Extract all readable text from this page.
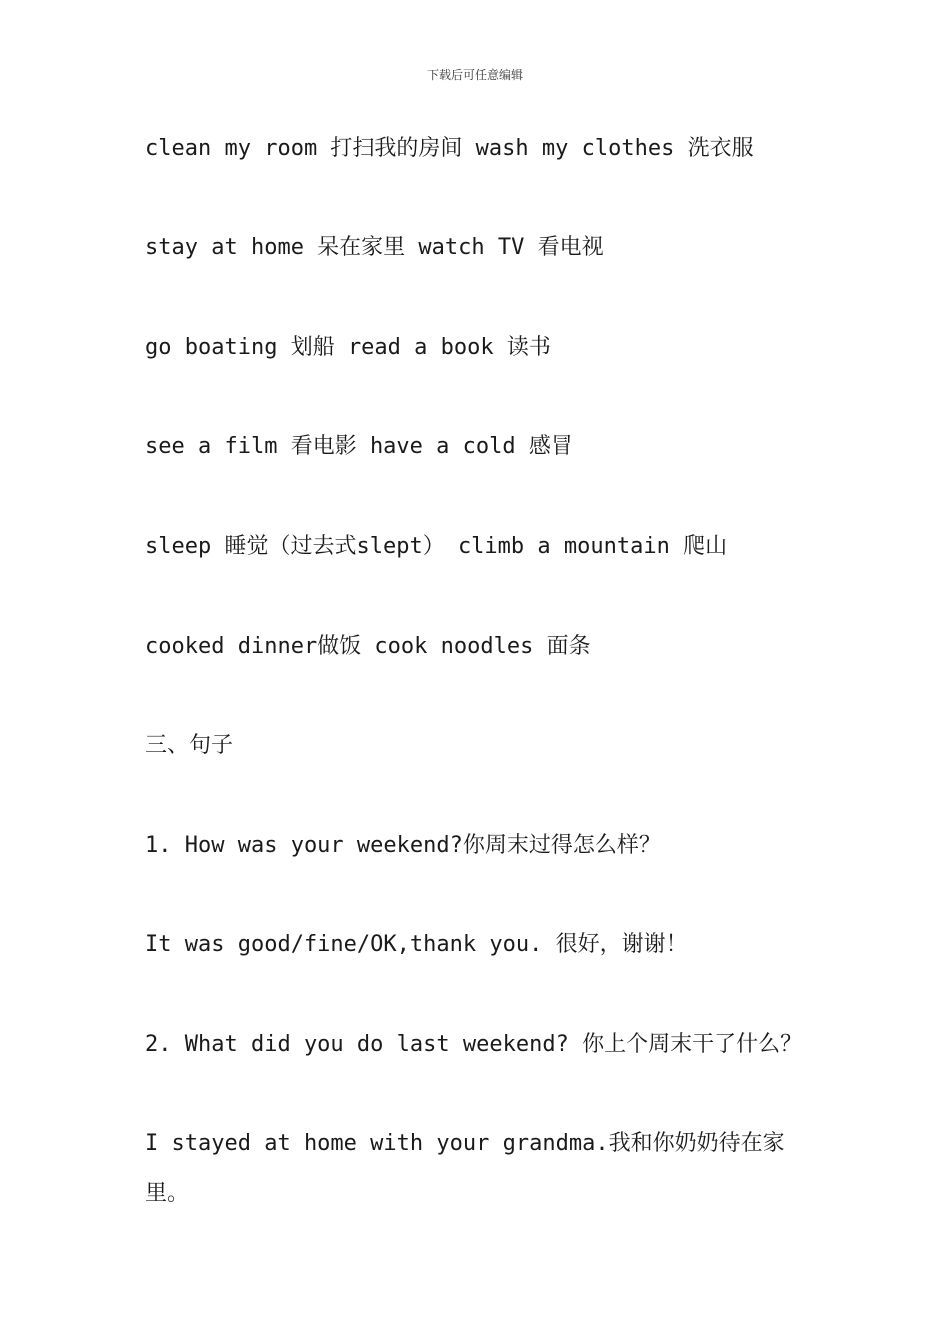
下载后可任意编辑
clean my room 打扫我的房间 wash my clothes 洗衣服
stay at home 呆在家里 watch TV 看电视
go boating 划船 read a book 读书
see a film 看电影 have a cold 感冒
sleep 睡觉（过去式slept） climb a mountain 爬山
cooked dinner做饭 cook noodles 面条
三、句子
1. How was your weekend?你周末过得怎么样？
It was good/fine/OK,thank you. 很好，谢谢！
2. What did you do last weekend? 你上个周末干了什么？
I stayed at home with your grandma.我和你奶奶待在家
里。
